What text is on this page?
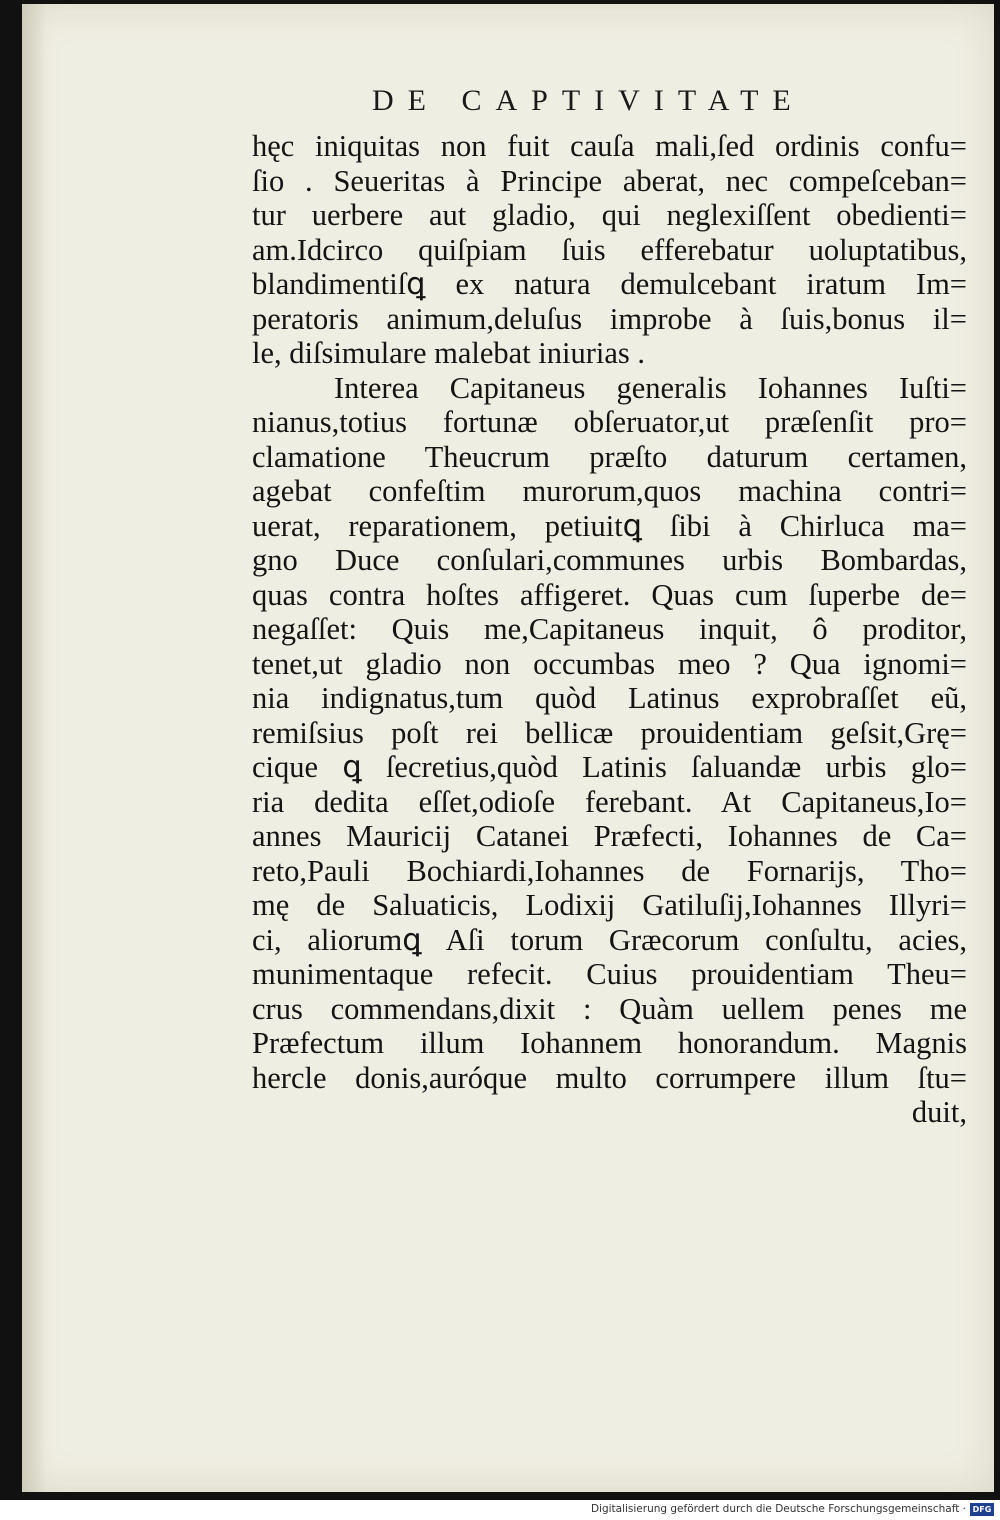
DE CAPTIVITATE
hęc iniquitas non fuit cauſa mali,ſed ordinis confu=
ſio . Seueritas à Principe aberat, nec compeſceban=
tur uerbere aut gladio, qui neglexiſſent obedienti=
am.Idcirco quiſpiam ſuis efferebatur uoluptatibus,
blandimentiſꝗ ex natura demulcebant iratum Im=
peratoris animum,deluſus improbe à ſuis,bonus il=
le, diſsimulare malebat iniurias .
Interea Capitaneus generalis Iohannes Iuſti=
nianus,totius fortunæ obſeruator,ut præſenſit pro=
clamatione Theucrum præſto daturum certamen,
agebat confeſtim murorum,quos machina contri=
uerat, reparationem, petiuitꝗ ſibi à Chirluca ma=
gno Duce conſulari,communes urbis Bombardas,
quas contra hoſtes affigeret. Quas cum ſuperbe de=
negaſſet: Quis me,Capitaneus inquit, ô proditor,
tenet,ut gladio non occumbas meo ? Qua ignomi=
nia indignatus,tum quòd Latinus exprobraſſet eũ,
remiſsius poſt rei bellicæ prouidentiam geſsit,Grę=
cique ꝗ ſecretius,quòd Latinis ſaluandæ urbis glo=
ria dedita eſſet,odioſe ferebant. At Capitaneus,Io=
annes Mauricij Catanei Præfecti, Iohannes de Ca=
reto,Pauli Bochiardi,Iohannes de Fornarijs, Tho=
mę de Saluaticis, Lodixij Gatiluſij,Iohannes Illyri=
ci, aliorumꝗ Aſi torum Græcorum conſultu, acies,
munimentaque refecit. Cuius prouidentiam Theu=
crus commendans,dixit : Quàm uellem penes me
Præfectum illum Iohannem honorandum. Magnis
hercle donis,auróque multo corrumpere illum ſtu=
duit,
Digitalisierung gefördert durch die Deutsche Forschungsgemeinschaft · DFG
